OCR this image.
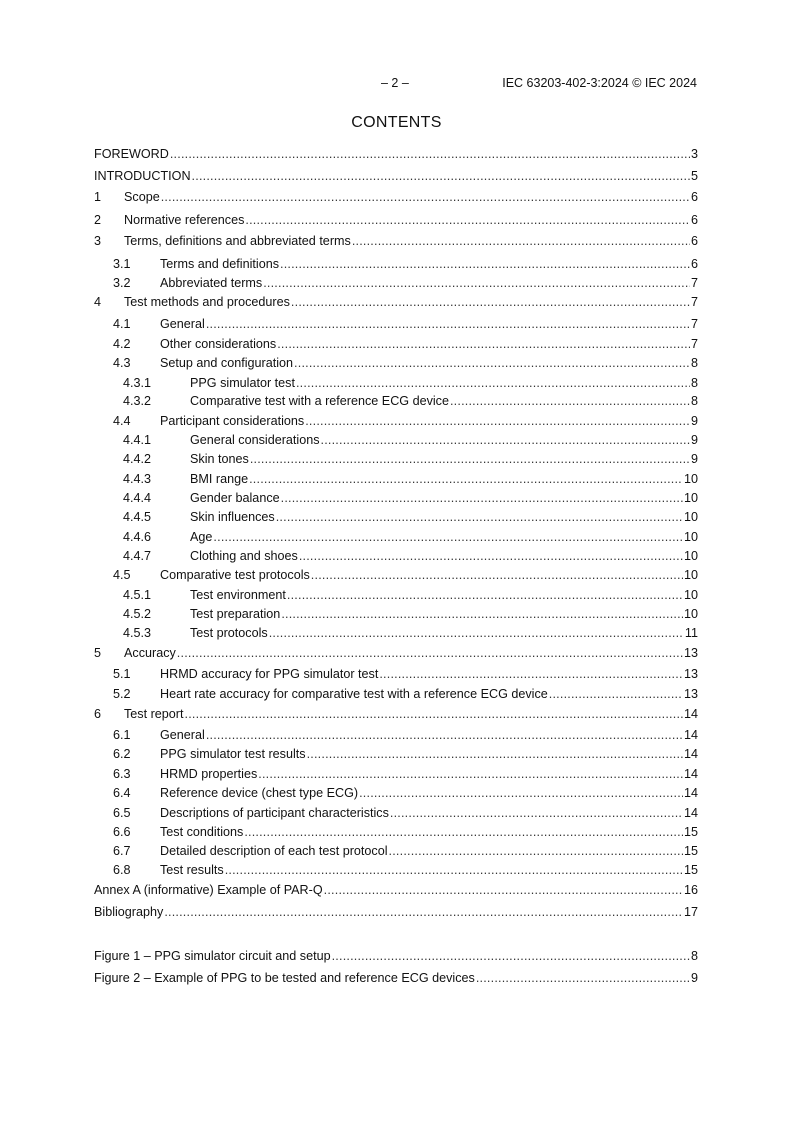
– 2 –	IEC 63203-402-3:2024 © IEC 2024
CONTENTS
FOREWORD .....	3
INTRODUCTION .....	5
1	Scope .....	6
2	Normative references .....	6
3	Terms, definitions and abbreviated terms .....	6
3.1	Terms and definitions .....	6
3.2	Abbreviated terms .....	7
4	Test methods and procedures .....	7
4.1	General .....	7
4.2	Other considerations .....	7
4.3	Setup and configuration .....	8
4.3.1	PPG simulator test .....	8
4.3.2	Comparative test with a reference ECG device .....	8
4.4	Participant considerations .....	9
4.4.1	General considerations .....	9
4.4.2	Skin tones .....	9
4.4.3	BMI range .....	10
4.4.4	Gender balance .....	10
4.4.5	Skin influences .....	10
4.4.6	Age .....	10
4.4.7	Clothing and shoes .....	10
4.5	Comparative test protocols .....	10
4.5.1	Test environment .....	10
4.5.2	Test preparation .....	10
4.5.3	Test protocols .....	11
5	Accuracy .....	13
5.1	HRMD accuracy for PPG simulator test .....	13
5.2	Heart rate accuracy for comparative test with a reference ECG device .....	13
6	Test report .....	14
6.1	General .....	14
6.2	PPG simulator test results .....	14
6.3	HRMD properties .....	14
6.4	Reference device (chest type ECG) .....	14
6.5	Descriptions of participant characteristics .....	14
6.6	Test conditions .....	15
6.7	Detailed description of each test protocol .....	15
6.8	Test results .....	15
Annex A (informative) Example of PAR-Q .....	16
Bibliography .....	17
Figure 1 – PPG simulator circuit and setup .....	8
Figure 2 – Example of PPG to be tested and reference ECG devices .....	9
